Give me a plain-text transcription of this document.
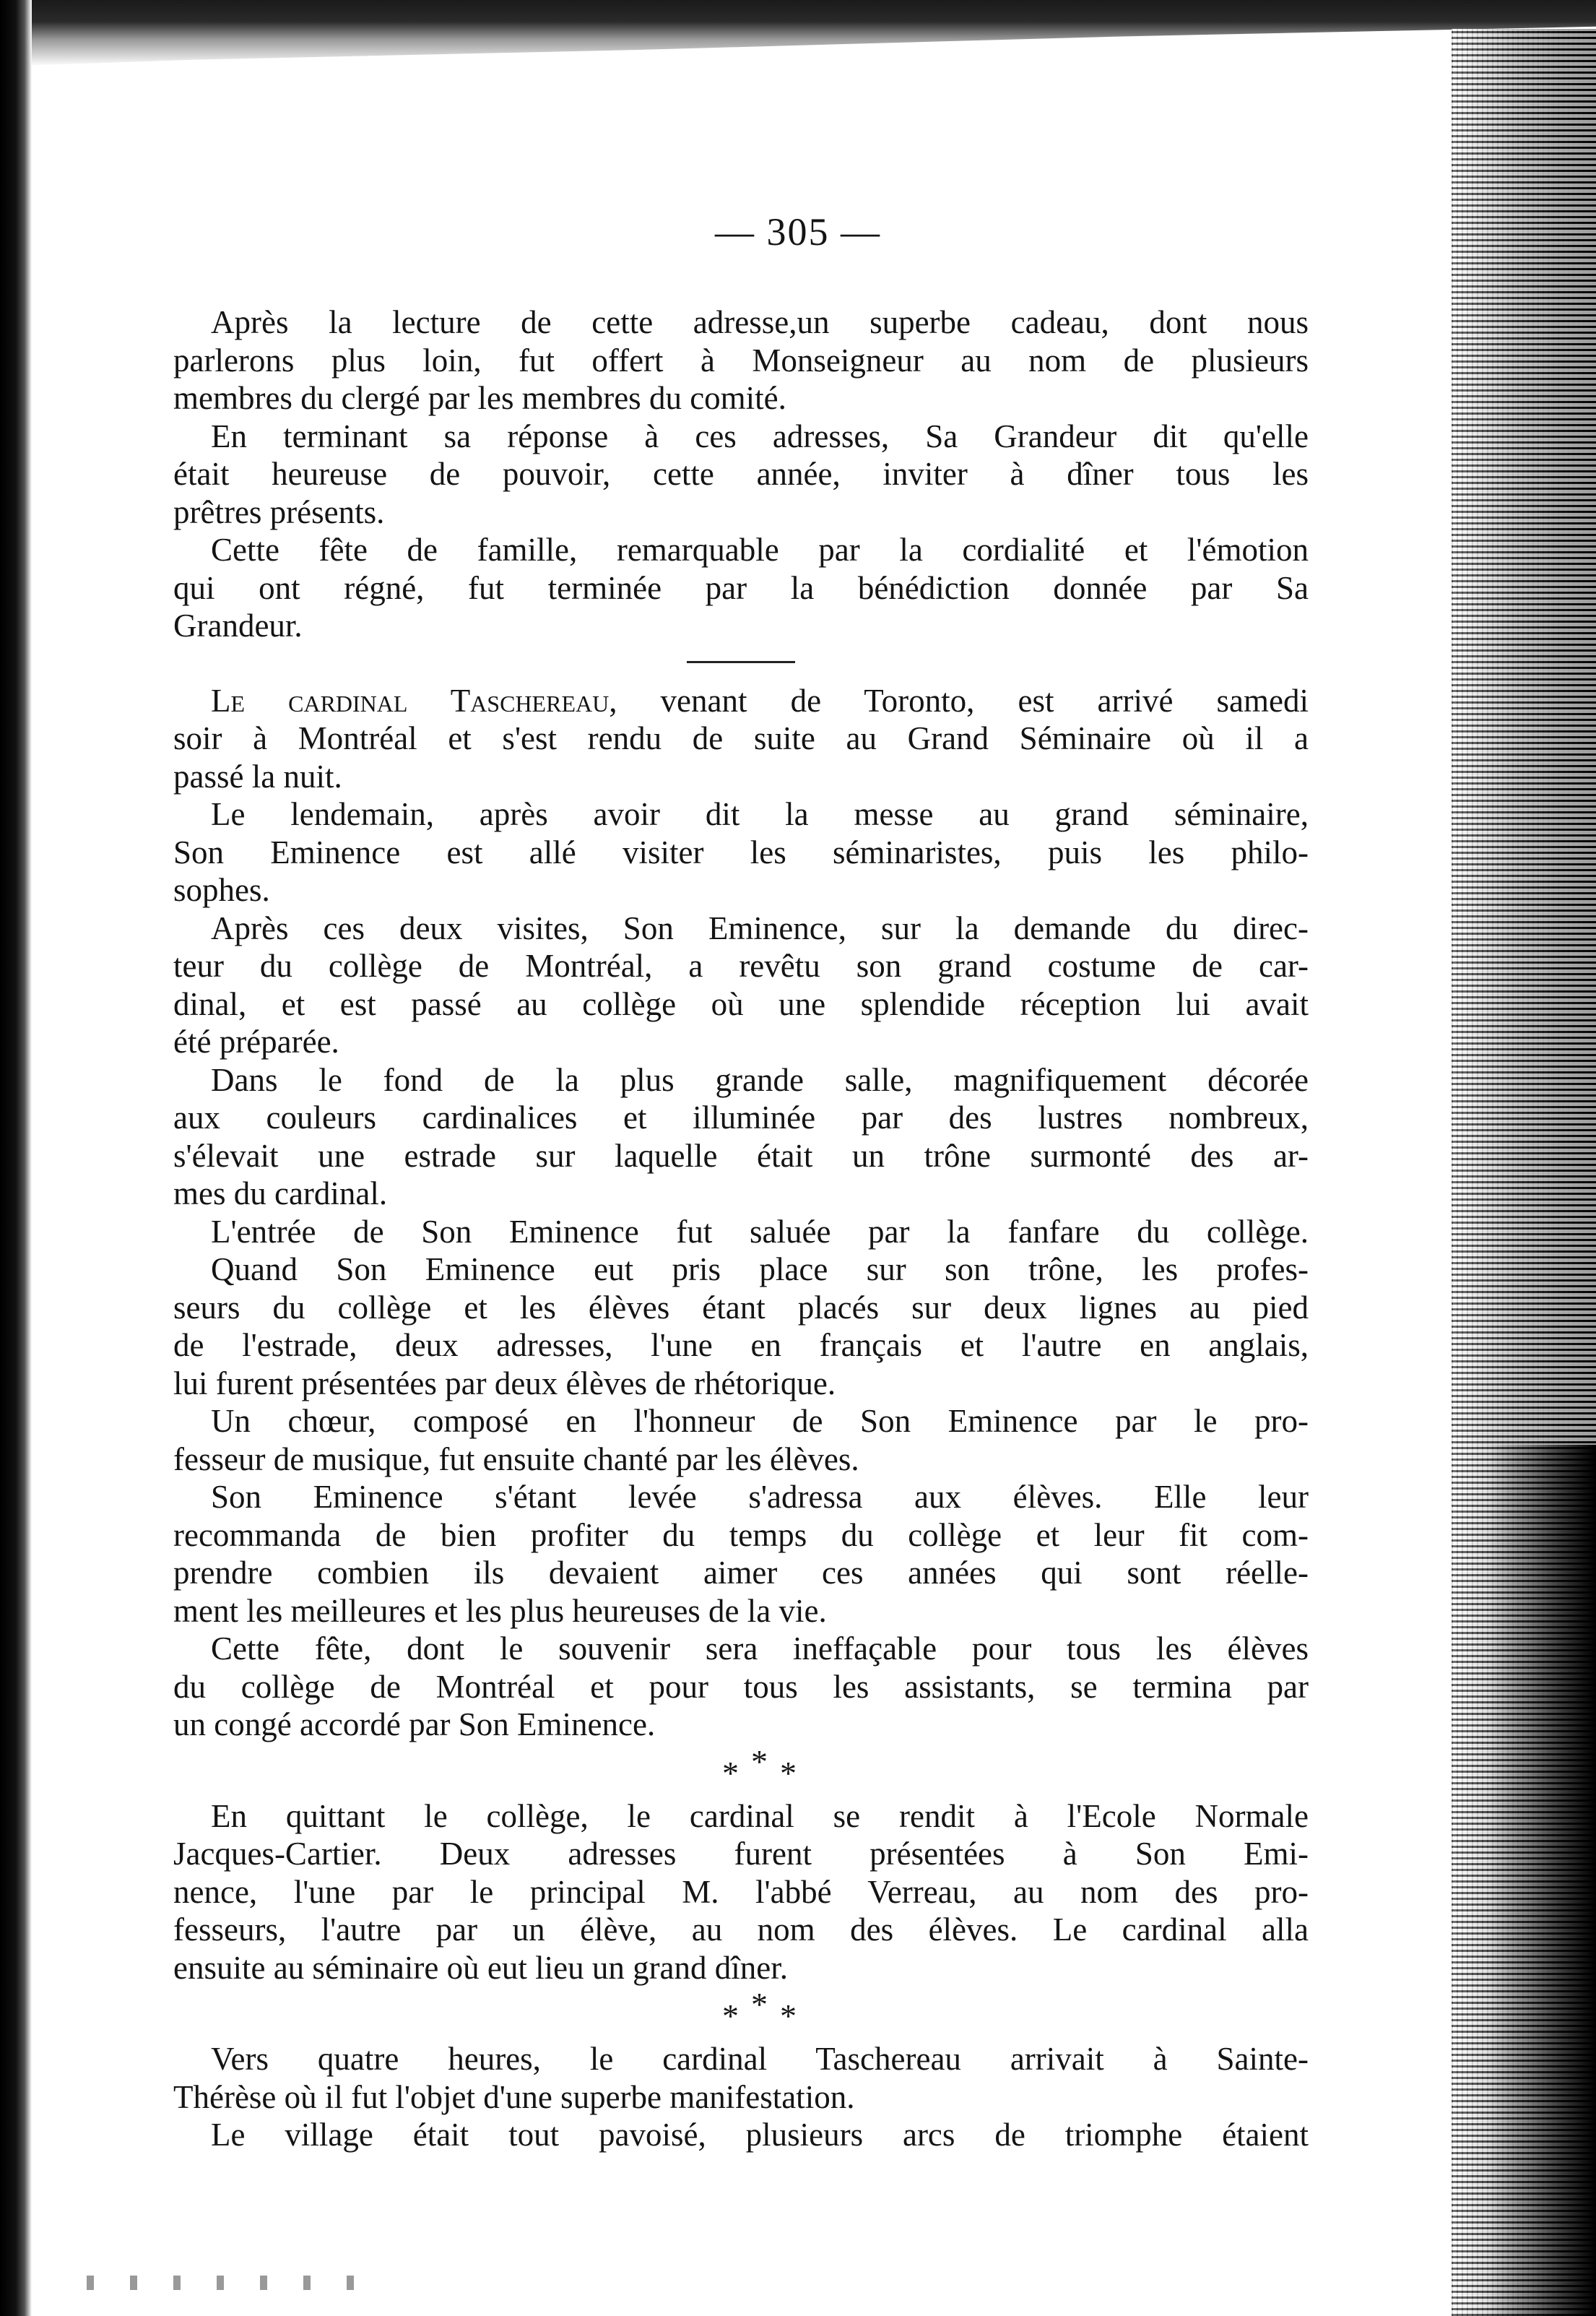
— 305 —
Après la lecture de cette adresse,un superbe cadeau, dont nous
parlerons plus loin, fut offert à Monseigneur au nom de plusieurs
membres du clergé par les membres du comité.
En terminant sa réponse à ces adresses, Sa Grandeur dit qu'elle
était heureuse de pouvoir, cette année, inviter à dîner tous les
prêtres présents.
Cette fête de famille, remarquable par la cordialité et l'émotion
qui ont régné, fut terminée par la bénédiction donnée par Sa
Grandeur.
Le cardinal Taschereau, venant de Toronto, est arrivé samedi
soir à Montréal et s'est rendu de suite au Grand Séminaire où il a
passé la nuit.
Le lendemain, après avoir dit la messe au grand séminaire,
Son Eminence est allé visiter les séminaristes, puis les philo-
sophes.
Après ces deux visites, Son Eminence, sur la demande du direc-
teur du collège de Montréal, a revêtu son grand costume de car-
dinal, et est passé au collège où une splendide réception lui avait
été préparée.
Dans le fond de la plus grande salle, magnifiquement décorée
aux couleurs cardinalices et illuminée par des lustres nombreux,
s'élevait une estrade sur laquelle était un trône surmonté des ar-
mes du cardinal.
L'entrée de Son Eminence fut saluée par la fanfare du collège.
Quand Son Eminence eut pris place sur son trône, les profes-
seurs du collège et les élèves étant placés sur deux lignes au pied
de l'estrade, deux adresses, l'une en français et l'autre en anglais,
lui furent présentées par deux élèves de rhétorique.
Un chœur, composé en l'honneur de Son Eminence par le pro-
fesseur de musique, fut ensuite chanté par les élèves.
Son Eminence s'étant levée s'adressa aux élèves. Elle leur
recommanda de bien profiter du temps du collège et leur fit com-
prendre combien ils devaient aimer ces années qui sont réelle-
ment les meilleures et les plus heureuses de la vie.
Cette fête, dont le souvenir sera ineffaçable pour tous les élèves
du collège de Montréal et pour tous les assistants, se termina par
un congé accordé par Son Eminence.
* * *
En quittant le collège, le cardinal se rendit à l'Ecole Normale
Jacques-Cartier. Deux adresses furent présentées à Son Emi-
nence, l'une par le principal M. l'abbé Verreau, au nom des pro-
fesseurs, l'autre par un élève, au nom des élèves. Le cardinal alla
ensuite au séminaire où eut lieu un grand dîner.
* * *
Vers quatre heures, le cardinal Taschereau arrivait à Sainte-
Thérèse où il fut l'objet d'une superbe manifestation.
Le village était tout pavoisé, plusieurs arcs de triomphe étaient
